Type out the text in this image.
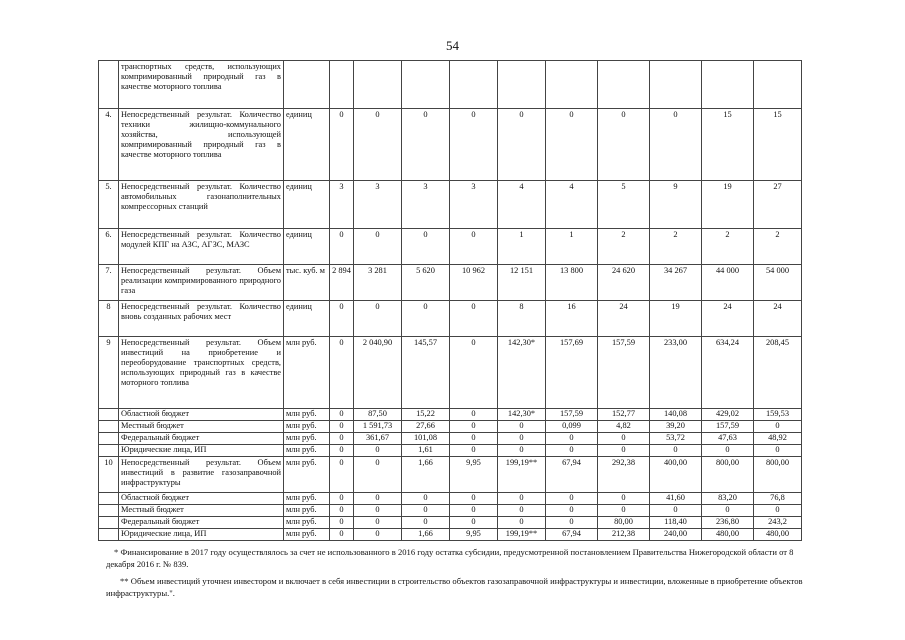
54
	транспортных средств, использующих компримированный природный газ в качестве моторного топлива											
4.	Непосредственный результат. Количество техники жилищно-коммунального хозяйства, использующей компримированный природный газ в качестве моторного топлива	единиц	0	0	0	0	0	0	0	0	15	15
5.	Непосредственный результат. Количество автомобильных газонаполнительных компрессорных станций	единиц	3	3	3	3	4	4	5	9	19	27
6.	Непосредственный результат. Количество модулей КПГ на АЗС, АГЗС, МАЗС	единиц	0	0	0	0	1	1	2	2	2	2
7.	Непосредственный результат. Объем реализации компримированного природного газа	тыс. куб. м	2 894	3 281	5 620	10 962	12 151	13 800	24 620	34 267	44 000	54 000
8	Непосредственный результат. Количество вновь созданных рабочих мест	единиц	0	0	0	0	8	16	24	19	24	24
9	Непосредственный результат. Объем инвестиций на приобретение и переоборудование транспортных средств, использующих природный газ в качестве моторного топлива	млн руб.	0	2 040,90	145,57	0	142,30*	157,69	157,59	233,00	634,24	208,45
	Областной бюджет	млн руб.	0	87,50	15,22	0	142,30*	157,59	152,77	140,08	429,02	159,53
	Местный бюджет	млн руб.	0	1 591,73	27,66	0	0	0,099	4,82	39,20	157,59	0
	Федеральный бюджет	млн руб.	0	361,67	101,08	0	0	0	0	53,72	47,63	48,92
	Юридические лица, ИП	млн руб.	0	0	1,61	0	0	0	0	0	0	0
10	Непосредственный результат. Объем инвестиций в развитие газозаправочной инфраструктуры	млн руб.	0	0	1,66	9,95	199,19**	67,94	292,38	400,00	800,00	800,00
	Областной бюджет	млн руб.	0	0	0	0	0	0	0	41,60	83,20	76,8
	Местный бюджет	млн руб.	0	0	0	0	0	0	0	0	0	0
	Федеральный бюджет	млн руб.	0	0	0	0	0	0	80,00	118,40	236,80	243,2
	Юридические лица, ИП	млн руб.	0	0	1,66	9,95	199,19**	67,94	212,38	240,00	480,00	480,00

* Финансирование в 2017 году осуществлялось за счет не использованного в 2016 году остатка субсидии, предусмотренной постановлением Правительства Нижегородской области от 8 декабря 2016 г. № 839.

** Объем инвестиций уточнен инвестором и включает в себя инвестиции в строительство объектов газозаправочной инфраструктуры и инвестиции, вложенные в приобретение объектов инфраструктуры.".
